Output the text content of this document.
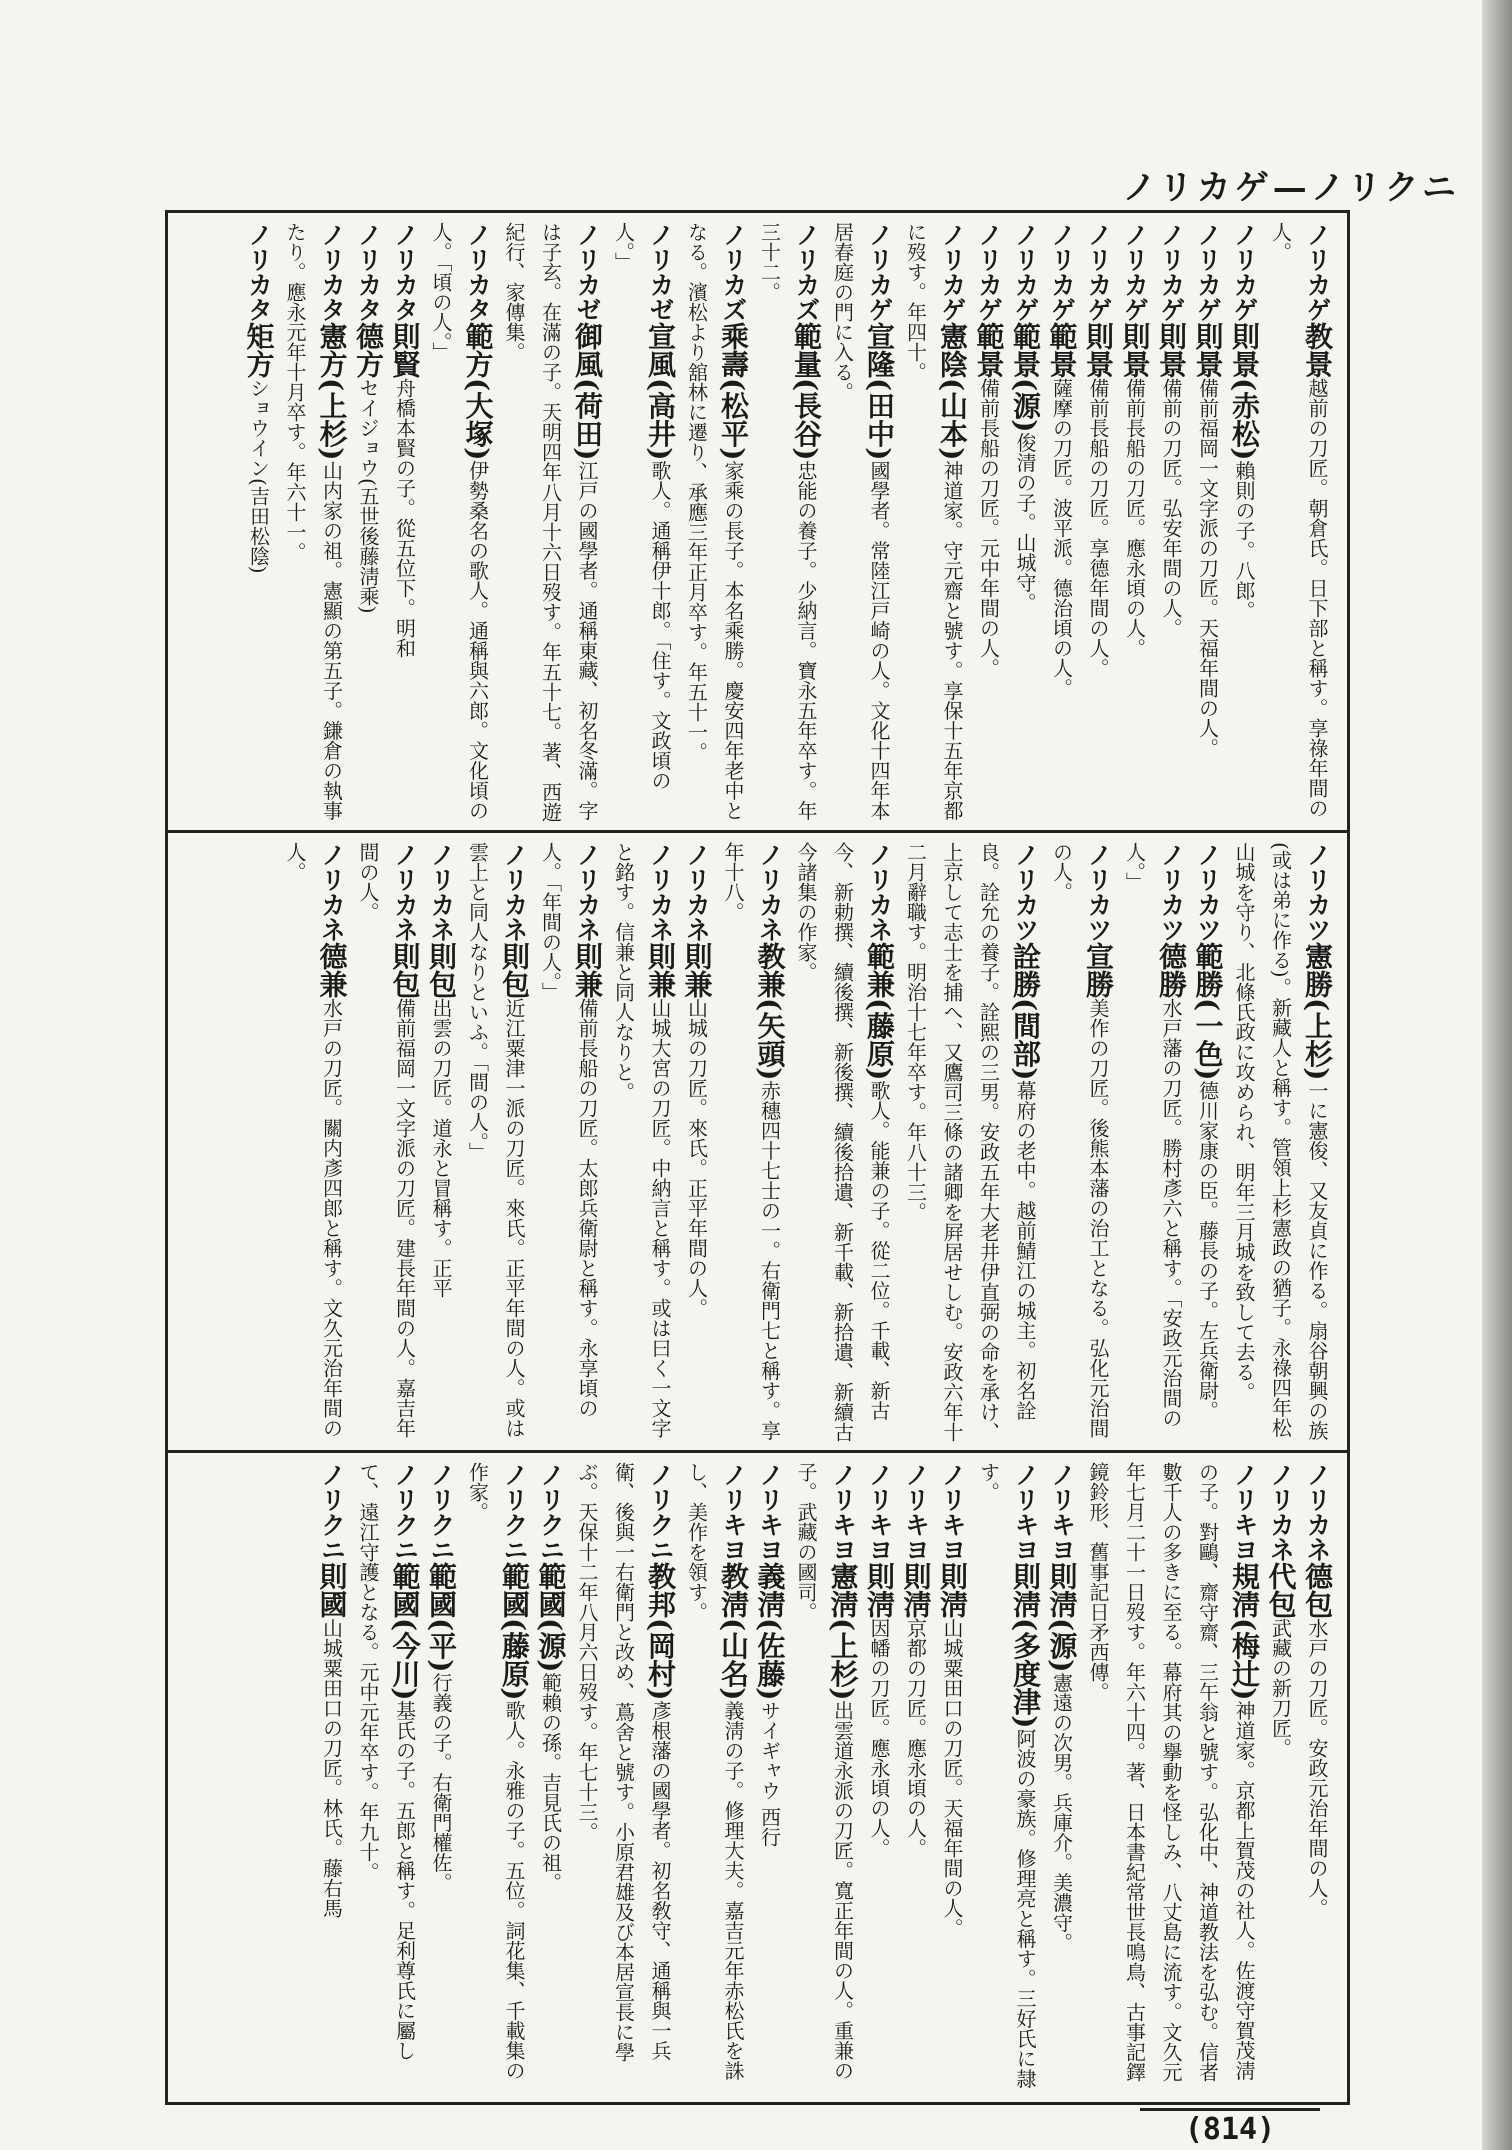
ノリカゲ—ノリクニ

ノリカゲ教景越前の刀匠。朝倉氏。日下部と稱す。享祿年間の人。

ノリカゲ則景(赤松)賴則の子。八郎。

ノリカゲ則景備前福岡一文字派の刀匠。天福年間の人。

ノリカゲ則景備前の刀匠。弘安年間の人。

ノリカゲ則景備前長船の刀匠。應永頃の人。

ノリカゲ則景備前長船の刀匠。享德年間の人。

ノリカゲ範景薩摩の刀匠。波平派。德治頃の人。

ノリカゲ範景(源)俊清の子。山城守。

ノリカゲ範景備前長船の刀匠。元中年間の人。

ノリカゲ憲陰(山本)神道家。守元齋と號す。享保十五年京都に歿す。年四十。

ノリカゲ宣隆(田中)國學者。常陸江戸崎の人。文化十四年本居春庭の門に入る。

ノリカズ範量(長谷)忠能の養子。少納言。寶永五年卒す。年三十二。

ノリカズ乘壽(松平)家乘の長子。本名乘勝。慶安四年老中となる。濱松より舘林に遷り、承應三年正月卒す。年五十一。

ノリカゼ宣風(高井)歌人。通稱伊十郎。「住す。文政頃の人。」

ノリカゼ御風(荷田)江戸の國學者。通稱東藏、初名冬滿。字は子玄。在滿の子。天明四年八月十六日歿す。年五十七。著、西遊紀行、家傳集。

ノリカタ範方(大塚)伊勢桑名の歌人。通稱與六郎。文化頃の人。「頃の人。」

ノリカタ則賢舟橋本賢の子。從五位下。明和

ノリカタ德方セイジョウ(五世後藤淸乘)

ノリカタ憲方(上杉)山内家の祖。憲顯の第五子。鎌倉の執事たり。應永元年十月卒す。年六十一。

ノリカタ矩方ショウイン(吉田松陰)

ノリカツ憲勝(上杉)一に憲俊、又友貞に作る。扇谷朝興の族(或は弟に作る)。新藏人と稱す。管領上杉憲政の猶子。永祿四年松山城を守り、北條氏政に攻められ、明年三月城を致して去る。

ノリカツ範勝(一色)德川家康の臣。藤長の子。左兵衛尉。

ノリカツ德勝水戸藩の刀匠。勝村彥六と稱す。「安政元治間の人。」

ノリカツ宣勝美作の刀匠。後熊本藩の治工となる。弘化元治間の人。

ノリカツ詮勝(間部)幕府の老中。越前鯖江の城主。初名詮良。詮允の養子。詮熙の三男。安政五年大老井伊直弼の命を承け、上京して志士を捕へ、又鷹司三條の諸卿を屛居せしむ。安政六年十二月辭職す。明治十七年卒す。年八十三。

ノリカネ範兼(藤原)歌人。能兼の子。從二位。千載、新古今、新勅撰、續後撰、新後撰、續後拾遺、新千載、新拾遺、新續古今諸集の作家。

ノリカネ教兼(矢頭)赤穗四十七士の一。右衛門七と稱す。享年十八。

ノリカネ則兼山城の刀匠。來氏。正平年間の人。

ノリカネ則兼山城大宮の刀匠。中納言と稱す。或は曰く一文字と銘す。信兼と同人なりと。

ノリカネ則兼備前長船の刀匠。太郎兵衛尉と稱す。永享頃の人。「年間の人。」

ノリカネ則包近江粟津一派の刀匠。來氏。正平年間の人。或は雲上と同人なりといふ。「間の人。」

ノリカネ則包出雲の刀匠。道永と冒稱す。正平

ノリカネ則包備前福岡一文字派の刀匠。建長年間の人。嘉吉年間の人。

ノリカネ德兼水戸の刀匠。關内彥四郎と稱す。文久元治年間の人。

ノリカネ德包水戸の刀匠。安政元治年間の人。

ノリカネ代包武藏の新刀匠。

ノリキヨ規淸(梅辻)神道家。京都上賀茂の社人。佐渡守賀茂淸の子。對鷗、齋守齋、三午翁と號す。弘化中、神道教法を弘む。信者數千人の多きに至る。幕府其の擧動を怪しみ、八丈島に流す。文久元年七月二十一日歿す。年六十四。著、日本書紀常世長鳴鳥、古事記鐸鏡鈴形、舊事記日矛西傳。

ノリキヨ則淸(源)憲遠の次男。兵庫介。美濃守。

ノリキヨ則淸(多度津)阿波の豪族。修理亮と稱す。三好氏に隷す。

ノリキヨ則淸山城粟田口の刀匠。天福年間の人。

ノリキヨ則淸京都の刀匠。應永頃の人。

ノリキヨ則淸因幡の刀匠。應永頃の人。

ノリキヨ憲淸(上杉)出雲道永派の刀匠。寬正年間の人。重兼の子。武藏の國司。

ノリキヨ義淸(佐藤)サイギャウ 西行

ノリキヨ教淸(山名)義淸の子。修理大夫。嘉吉元年赤松氏を誅し、美作を領す。

ノリクニ教邦(岡村)彥根藩の國學者。初名敎守、通稱與一兵衛、後與一右衛門と改め、蔦舍と號す。小原君雄及び本居宣長に學ぶ。天保十二年八月六日歿す。年七十三。

ノリクニ範國(源)範賴の孫。吉見氏の祖。

ノリクニ範國(藤原)歌人。永雅の子。五位。詞花集、千載集の作家。

ノリクニ範國(平)行義の子。右衛門權佐。

ノリクニ範國(今川)基氏の子。五郎と稱す。足利尊氏に屬して、遠江守護となる。元中元年卒す。年九十。

ノリクニ則國山城粟田口の刀匠。林氏。藤右馬

(814)
